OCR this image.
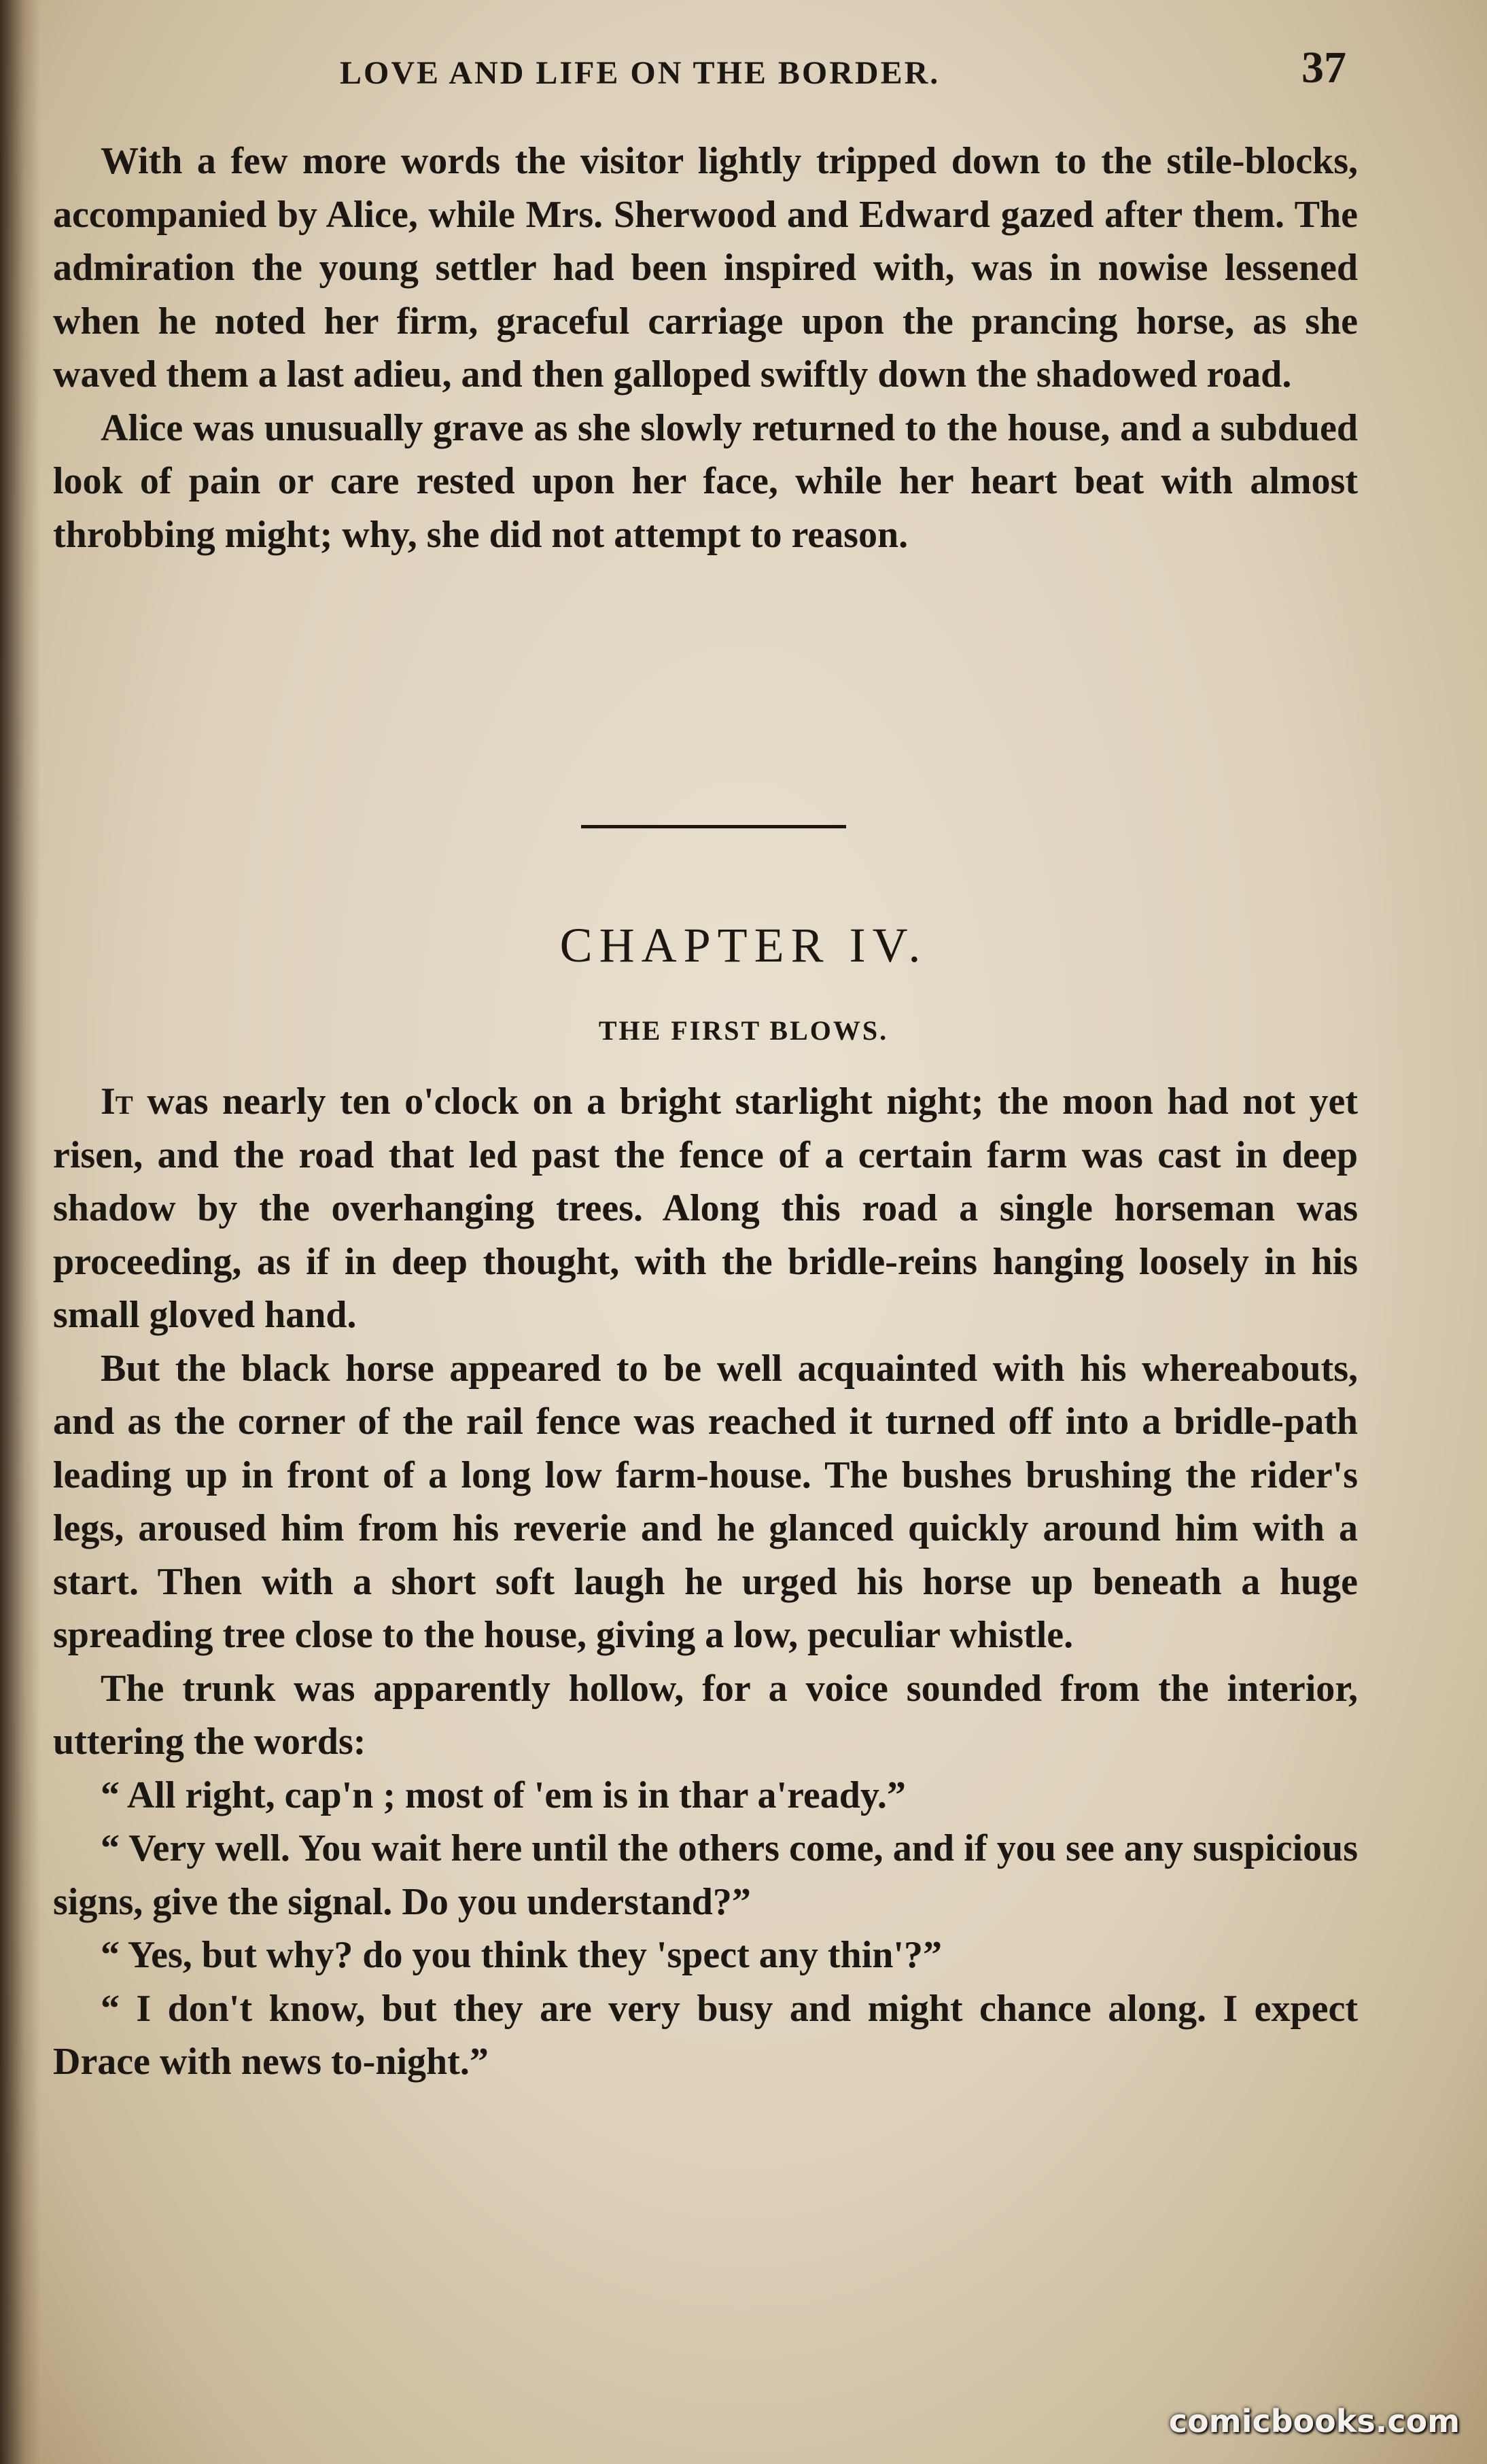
LOVE AND LIFE ON THE BORDER.	37

With a few more words the visitor lightly tripped down to the stile-blocks, accompanied by Alice, while Mrs. Sherwood and Edward gazed after them. The admiration the young settler had been inspired with, was in nowise lessened when he noted her firm, graceful carriage upon the prancing horse, as she waved them a last adieu, and then galloped swiftly down the shadowed road.

Alice was unusually grave as she slowly returned to the house, and a subdued look of pain or care rested upon her face, while her heart beat with almost throbbing might; why, she did not attempt to reason.

CHAPTER IV.
THE FIRST BLOWS.

It was nearly ten o'clock on a bright starlight night; the moon had not yet risen, and the road that led past the fence of a certain farm was cast in deep shadow by the overhanging trees. Along this road a single horseman was proceeding, as if in deep thought, with the bridle-reins hanging loosely in his small gloved hand.

But the black horse appeared to be well acquainted with his whereabouts, and as the corner of the rail fence was reached it turned off into a bridle-path leading up in front of a long low farm-house. The bushes brushing the rider's legs, aroused him from his reverie and he glanced quickly around him with a start. Then with a short soft laugh he urged his horse up beneath a huge spreading tree close to the house, giving a low, peculiar whistle.

The trunk was apparently hollow, for a voice sounded from the interior, uttering the words:

“ All right, cap'n ; most of 'em is in thar a'ready.”

“ Very well. You wait here until the others come, and if you see any suspicious signs, give the signal. Do you understand?”

“ Yes, but why? do you think they 'spect any thin'?”

“ I don't know, but they are very busy and might chance along. I expect Drace with news to-night.”

comicbooks.com
